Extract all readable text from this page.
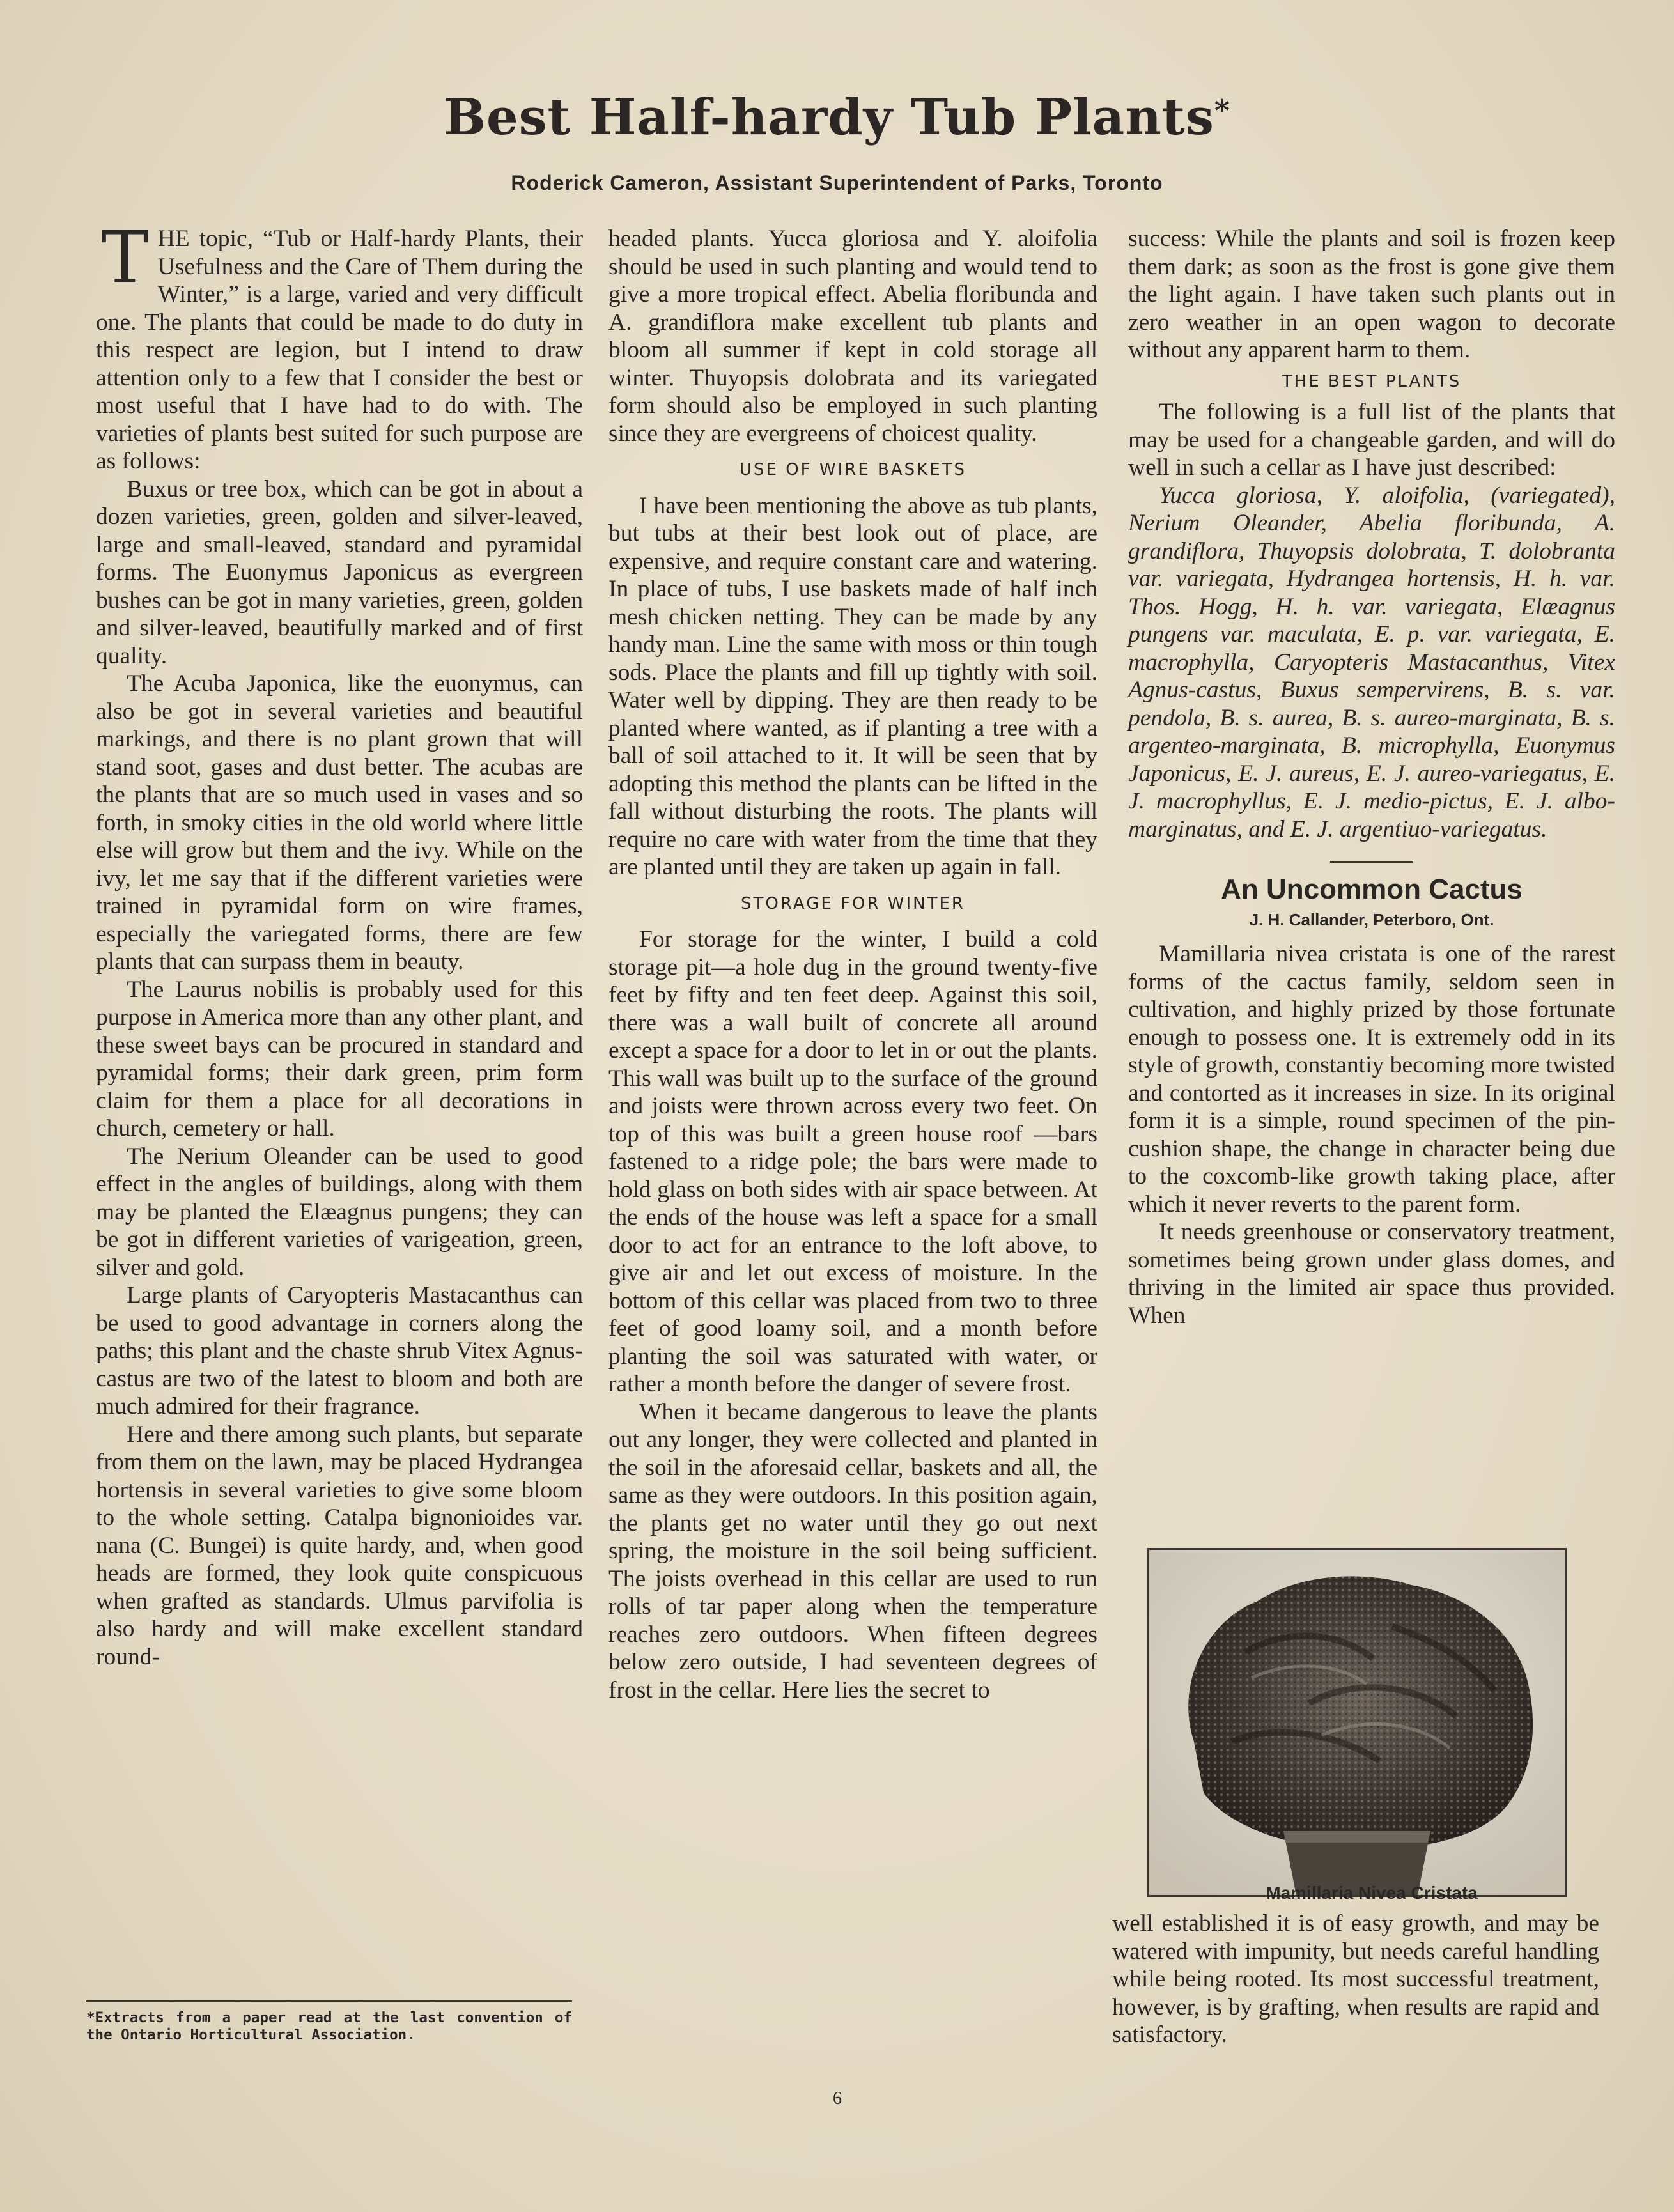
Best Half-hardy Tub Plants*
Roderick Cameron, Assistant Superintendent of Parks, Toronto

THE topic, “Tub or Half-hardy Plants, their Usefulness and the Care of Them during the Winter,” is a large, varied and very difficult one. The plants that could be made to do duty in this respect are legion, but I intend to draw attention only to a few that I consider the best or most useful that I have had to do with. The varieties of plants best suited for such purpose are as follows:

Buxus or tree box, which can be got in about a dozen varieties, green, golden and silver-leaved, large and small-leaved, standard and pyramidal forms. The Euonymus Japonicus as evergreen bushes can be got in many varieties, green, golden and silver-leaved, beautifully marked and of first quality.

The Acuba Japonica, like the euonymus, can also be got in several varieties and beautiful markings, and there is no plant grown that will stand soot, gases and dust better. The acubas are the plants that are so much used in vases and so forth, in smoky cities in the old world where little else will grow but them and the ivy. While on the ivy, let me say that if the different varieties were trained in pyramidal form on wire frames, especially the variegated forms, there are few plants that can surpass them in beauty.

The Laurus nobilis is probably used for this purpose in America more than any other plant, and these sweet bays can be procured in standard and pyramidal forms; their dark green, prim form claim for them a place for all decorations in church, cemetery or hall.

The Nerium Oleander can be used to good effect in the angles of buildings, along with them may be planted the Elæagnus pungens; they can be got in different varieties of varigeation, green, silver and gold.

Large plants of Caryopteris Mastacanthus can be used to good advantage in corners along the paths; this plant and the chaste shrub Vitex Agnus-castus are two of the latest to bloom and both are much admired for their fragrance.

Here and there among such plants, but separate from them on the lawn, may be placed Hydrangea hortensis in several varieties to give some bloom to the whole setting. Catalpa bignonioides var. nana (C. Bungei) is quite hardy, and, when good heads are formed, they look quite conspicuous when grafted as standards. Ulmus parvifolia is also hardy and will make excellent standard round-

headed plants. Yucca gloriosa and Y. aloifolia should be used in such planting and would tend to give a more tropical effect. Abelia floribunda and A. grandiflora make excellent tub plants and bloom all summer if kept in cold storage all winter. Thuyopsis dolobrata and its variegated form should also be employed in such planting since they are evergreens of choicest quality.

USE OF WIRE BASKETS

I have been mentioning the above as tub plants, but tubs at their best look out of place, are expensive, and require constant care and watering. In place of tubs, I use baskets made of half inch mesh chicken netting. They can be made by any handy man. Line the same with moss or thin tough sods. Place the plants and fill up tightly with soil. Water well by dipping. They are then ready to be planted where wanted, as if planting a tree with a ball of soil attached to it. It will be seen that by adopting this method the plants can be lifted in the fall without disturbing the roots. The plants will require no care with water from the time that they are planted until they are taken up again in fall.

STORAGE FOR WINTER

For storage for the winter, I build a cold storage pit—a hole dug in the ground twenty-five feet by fifty and ten feet deep. Against this soil, there was a wall built of concrete all around except a space for a door to let in or out the plants. This wall was built up to the surface of the ground and joists were thrown across every two feet. On top of this was built a green house roof —bars fastened to a ridge pole; the bars were made to hold glass on both sides with air space between. At the ends of the house was left a space for a small door to act for an entrance to the loft above, to give air and let out excess of moisture. In the bottom of this cellar was placed from two to three feet of good loamy soil, and a month before planting the soil was saturated with water, or rather a month before the danger of severe frost.

When it became dangerous to leave the plants out any longer, they were collected and planted in the soil in the aforesaid cellar, baskets and all, the same as they were outdoors. In this position again, the plants get no water until they go out next spring, the moisture in the soil being sufficient. The joists overhead in this cellar are used to run rolls of tar paper along when the temperature reaches zero outdoors. When fifteen degrees below zero outside, I had seventeen degrees of frost in the cellar. Here lies the secret to

success: While the plants and soil is frozen keep them dark; as soon as the frost is gone give them the light again. I have taken such plants out in zero weather in an open wagon to decorate without any apparent harm to them.

THE BEST PLANTS

The following is a full list of the plants that may be used for a changeable garden, and will do well in such a cellar as I have just described:

Yucca gloriosa, Y. aloifolia, (variegated), Nerium Oleander, Abelia floribunda, A. grandiflora, Thuyopsis dolobrata, T. dolobranta var. variegata, Hydrangea hortensis, H. h. var. Thos. Hogg, H. h. var. variegata, Elæagnus pungens var. maculata, E. p. var. variegata, E. macrophylla, Caryopteris Mastacanthus, Vitex Agnus-castus, Buxus sempervirens, B. s. var. pendola, B. s. aurea, B. s. aureo-marginata, B. s. argenteo-marginata, B. microphylla, Euonymus Japonicus, E. J. aureus, E. J. aureo-variegatus, E. J. macrophyllus, E. J. medio-pictus, E. J. albo-marginatus, and E. J. argentiuo-variegatus.

An Uncommon Cactus
J. H. Callander, Peterboro, Ont.

Mamillaria nivea cristata is one of the rarest forms of the cactus family, seldom seen in cultivation, and highly prized by those fortunate enough to possess one. It is extremely odd in its style of growth, constantiy becoming more twisted and contorted as it increases in size. In its original form it is a simple, round specimen of the pin-cushion shape, the change in character being due to the coxcomb-like growth taking place, after which it never reverts to the parent form.

It needs greenhouse or conservatory treatment, sometimes being grown under glass domes, and thriving in the limited air space thus provided. When

Mamillaria Nivea Cristata

well established it is of easy growth, and may be watered with impunity, but needs careful handling while being rooted. Its most successful treatment, however, is by grafting, when results are rapid and satisfactory.

*Extracts from a paper read at the last convention of the Ontario Horticultural Association.
6
